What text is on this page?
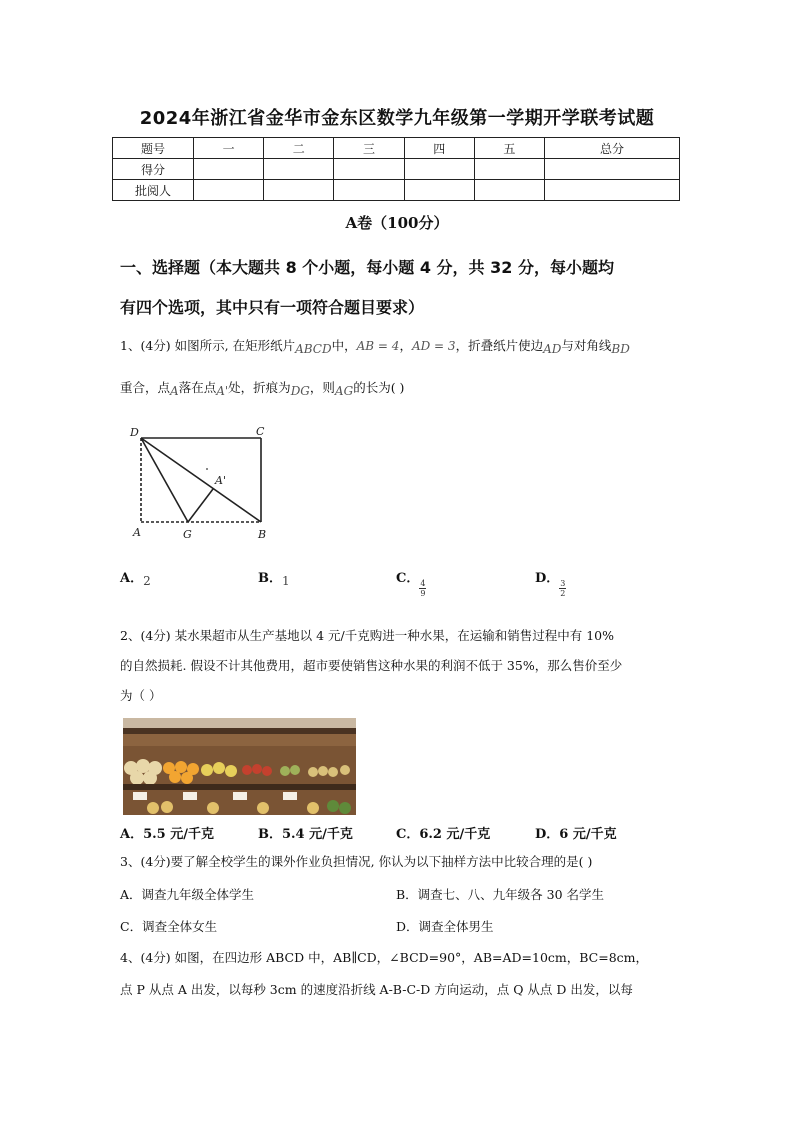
2024年浙江省金华市金东区数学九年级第一学期开学联考试题
题号	一	二	三	四	五	总分
得分						
批阅人						
A卷（100分）
一、选择题（本大题共 8 个小题，每小题 4 分，共 32 分，每小题均
有四个选项，其中只有一项符合题目要求）
1、(4分) 如图所示, 在矩形纸片ABCD中，AB = 4，AD = 3，折叠纸片使边AD与对角线BD
重合，点A落在点A'处，折痕为DG，则AG的长为( )
D	C
A'
A	G	B
A．2	B．1	C．
$\frac{4}{9}$
D．
$\frac{3}{2}$
2、(4分) 某水果超市从生产基地以 4 元/千克购进一种水果，在运输和销售过程中有 10%
的自然损耗. 假设不计其他费用，超市要使销售这种水果的利润不低于 35%，那么售价至少
为（ ）
A．5.5 元/千克	B．5.4 元/千克	C．6.2 元/千克	D．6 元/千克
3、(4分)要了解全校学生的课外作业负担情况, 你认为以下抽样方法中比较合理的是( )
A．调查九年级全体学生	B．调查七、八、九年级各 30 名学生
C．调查全体女生	D．调查全体男生
4、(4分) 如图，在四边形 ABCD 中，AB∥CD，∠BCD=90°，AB=AD=10cm，BC=8cm，
点 P 从点 A 出发，以每秒 3cm 的速度沿折线 A-B-C-D 方向运动，点 Q 从点 D 出发，以每
